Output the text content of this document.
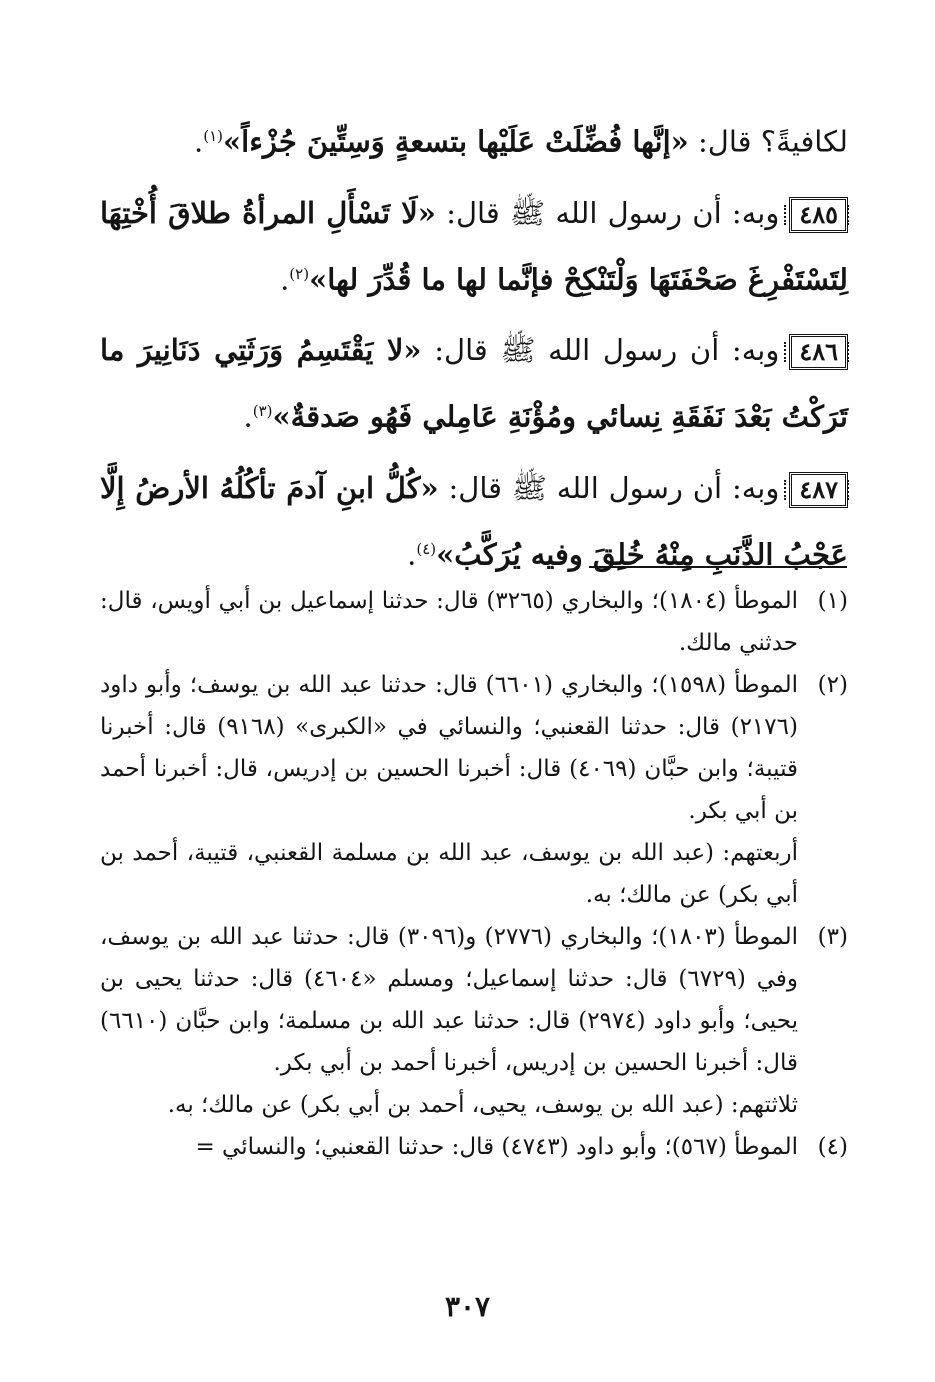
لكافيةً؟ قال: «إنَّها فُضِّلَتْ عَلَيْها بتسعةٍ وَسِتِّينَ جُزْءاً»$^{(١)}$.

٤٨٥وبه: أن رسول الله ﷺ قال: «لَا تَسْأَلِ المرأةُ طلاقَ أُخْتِهَا لِتَسْتَفْرِغَ صَحْفَتَهَا وَلْتَنْكِحْ فإنَّما لها ما قُدِّرَ لها»$^{(٢)}$.

٤٨٦وبه: أن رسول الله ﷺ قال: «لا يَقْتَسِمُ وَرَثَتِي دَنَانِيرَ ما تَرَكْتُ بَعْدَ نَفَقَةِ نِسائي ومُؤْنَةِ عَامِلي فَهُو صَدقةٌ»$^{(٣)}$.

٤٨٧وبه: أن رسول الله ﷺ قال: «كُلُّ ابنِ آدمَ تأكُلُهُ الأرضُ إِلَّا عَجْبُ الذَّنَبِ مِنْهُ خُلِقَ وفيه يُرَكَّبُ»$^{(٤)}$.

(١)
الموطأ (١٨٠٤)؛ والبخاري (٣٢٦٥) قال: حدثنا إسماعيل بن أبي أويس، قال: حدثني مالك.
(٢)
الموطأ (١٥٩٨)؛ والبخاري (٦٦٠١) قال: حدثنا عبد الله بن يوسف؛ وأبو داود (٢١٧٦) قال: حدثنا القعنبي؛ والنسائي في «الكبرى» (٩١٦٨) قال: أخبرنا قتيبة؛ وابن حبَّان (٤٠٦٩) قال: أخبرنا الحسين بن إدريس، قال: أخبرنا أحمد بن أبي بكر.
أربعتهم: (عبد الله بن يوسف، عبد الله بن مسلمة القعنبي، قتيبة، أحمد بن أبي بكر) عن مالك؛ به.
(٣)
الموطأ (١٨٠٣)؛ والبخاري (٢٧٧٦) و(٣٠٩٦) قال: حدثنا عبد الله بن يوسف، وفي (٦٧٢٩) قال: حدثنا إسماعيل؛ ومسلم «٤٦٠٤) قال: حدثنا يحيى بن يحيى؛ وأبو داود (٢٩٧٤) قال: حدثنا عبد الله بن مسلمة؛ وابن حبَّان (٦٦١٠) قال: أخبرنا الحسين بن إدريس، أخبرنا أحمد بن أبي بكر.
ثلاثتهم: (عبد الله بن يوسف، يحيى، أحمد بن أبي بكر) عن مالك؛ به.
(٤)
الموطأ (٥٦٧)؛ وأبو داود (٤٧٤٣) قال: حدثنا القعنبي؛ والنسائي =
٣٠٧
